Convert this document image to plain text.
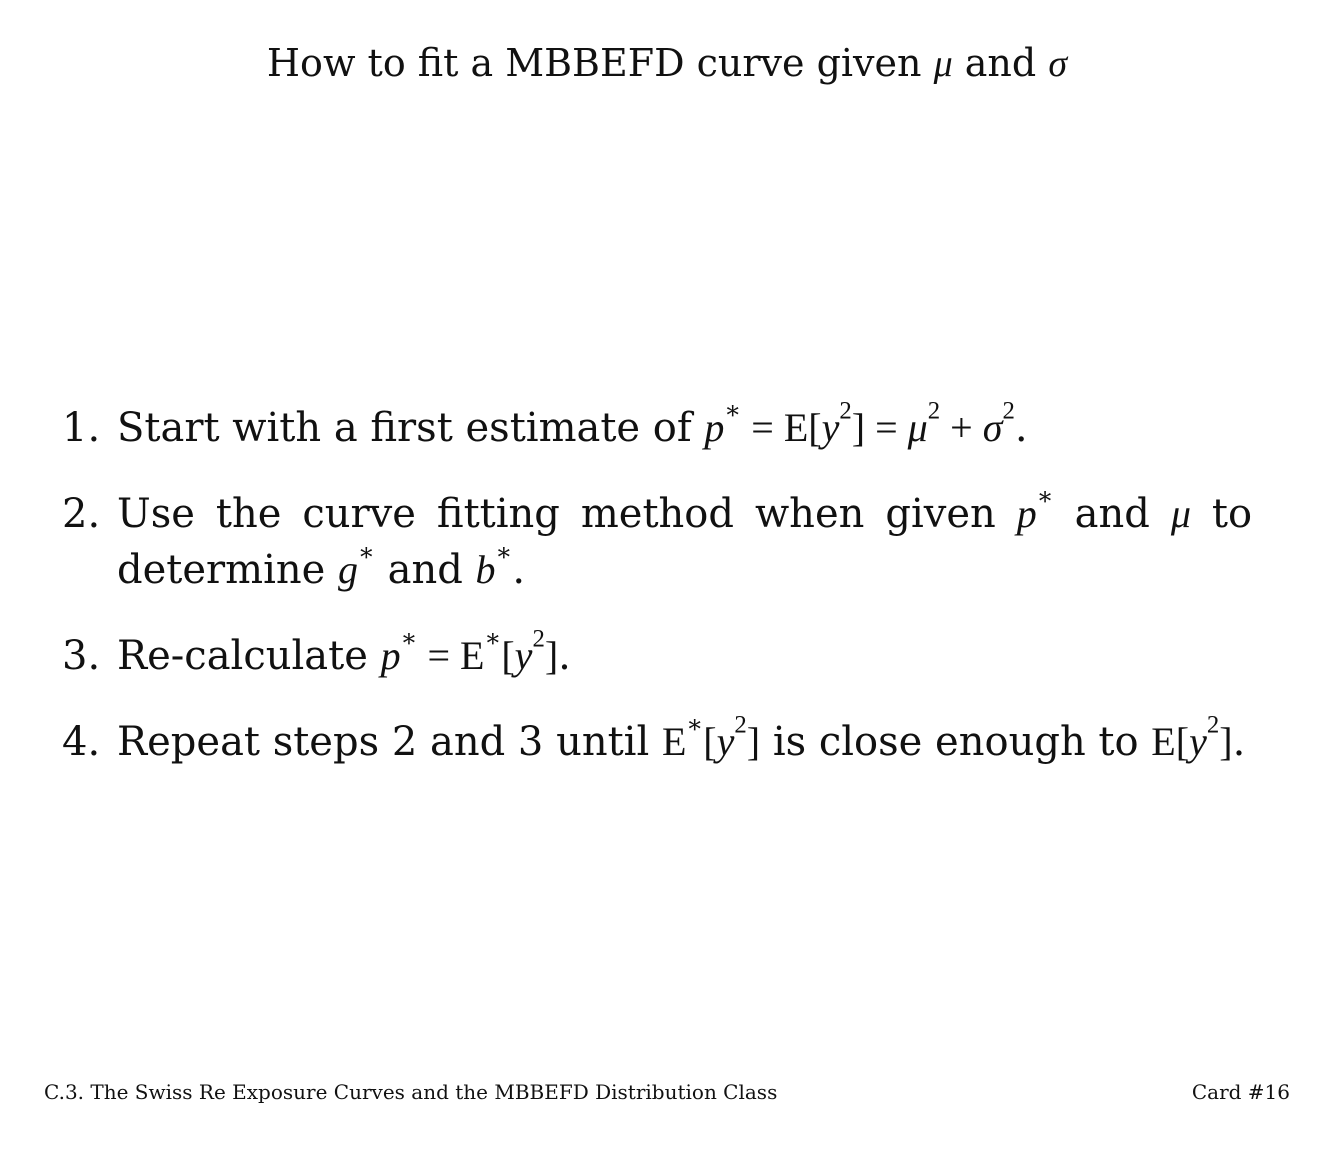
How to fit a MBBEFD curve given μ and σ
1. Start with a first estimate of $p^∗ = E[y^2] = \mu^2 + \sigma^2$.
2. Use the curve fitting method when given p∗ and μ to determine g∗ and b∗.
3. Re-calculate $p^∗ = E^∗[y^2]$.
4. Repeat steps 2 and 3 until $E^∗[y^2]$ is close enough to $E[y^2]$.
C.3. The Swiss Re Exposure Curves and the MBBEFD Distribution Class	Card #16
